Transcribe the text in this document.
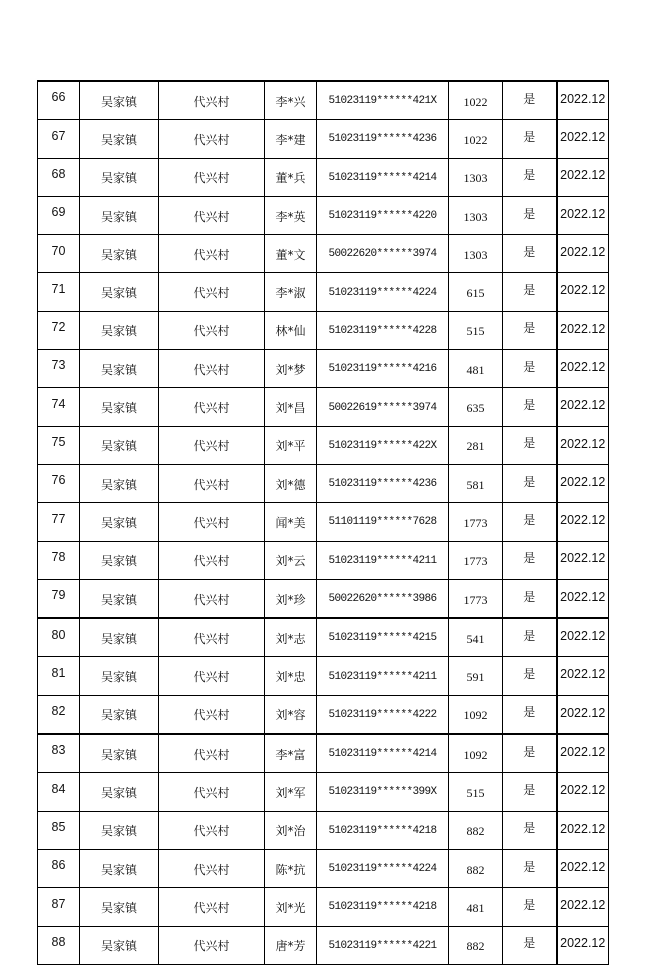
66	吴家镇	代兴村	李*兴	51023119******421X	1022	是	2022.12
67	吴家镇	代兴村	李*建	51023119******4236	1022	是	2022.12
68	吴家镇	代兴村	董*兵	51023119******4214	1303	是	2022.12
69	吴家镇	代兴村	李*英	51023119******4220	1303	是	2022.12
70	吴家镇	代兴村	董*文	50022620******3974	1303	是	2022.12
71	吴家镇	代兴村	李*淑	51023119******4224	615	是	2022.12
72	吴家镇	代兴村	林*仙	51023119******4228	515	是	2022.12
73	吴家镇	代兴村	刘*梦	51023119******4216	481	是	2022.12
74	吴家镇	代兴村	刘*昌	50022619******3974	635	是	2022.12
75	吴家镇	代兴村	刘*平	51023119******422X	281	是	2022.12
76	吴家镇	代兴村	刘*德	51023119******4236	581	是	2022.12
77	吴家镇	代兴村	闻*美	51101119******7628	1773	是	2022.12
78	吴家镇	代兴村	刘*云	51023119******4211	1773	是	2022.12
79	吴家镇	代兴村	刘*珍	50022620******3986	1773	是	2022.12
80	吴家镇	代兴村	刘*志	51023119******4215	541	是	2022.12
81	吴家镇	代兴村	刘*忠	51023119******4211	591	是	2022.12
82	吴家镇	代兴村	刘*容	51023119******4222	1092	是	2022.12
83	吴家镇	代兴村	李*富	51023119******4214	1092	是	2022.12
84	吴家镇	代兴村	刘*军	51023119******399X	515	是	2022.12
85	吴家镇	代兴村	刘*治	51023119******4218	882	是	2022.12
86	吴家镇	代兴村	陈*抗	51023119******4224	882	是	2022.12
87	吴家镇	代兴村	刘*光	51023119******4218	481	是	2022.12
88	吴家镇	代兴村	唐*芳	51023119******4221	882	是	2022.12
